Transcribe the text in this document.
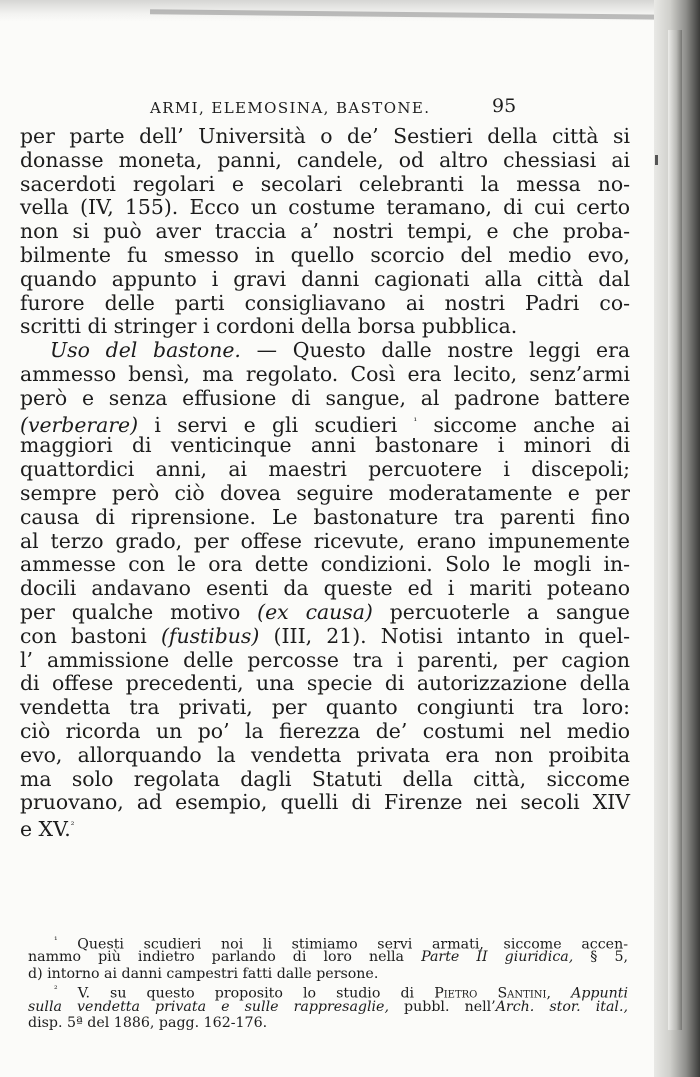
ARMI, ELEMOSINA, BASTONE.	95
per parte dell’ Università o de’ Sestieri della città si
donasse moneta, panni, candele, od altro chessiasi ai
sacerdoti regolari e secolari celebranti la messa no-
vella (IV, 155). Ecco un costume teramano, di cui certo
non si può aver traccia a’ nostri tempi, e che proba-
bilmente fu smesso in quello scorcio del medio evo,
quando appunto i gravi danni cagionati alla città dal
furore delle parti consigliavano ai nostri Padri co-
scritti di stringer i cordoni della borsa pubblica.
Uso del bastone. — Questo dalle nostre leggi era
ammesso bensì, ma regolato. Così era lecito, senz’armi
però e senza effusione di sangue, al padrone battere
(verberare) i servi e gli scudieri $^{^1}$ siccome anche ai
maggiori di venticinque anni bastonare i minori di
quattordici anni, ai maestri percuotere i discepoli;
sempre però ciò dovea seguire moderatamente e per
causa di riprensione. Le bastonature tra parenti fino
al terzo grado, per offese ricevute, erano impunemente
ammesse con le ora dette condizioni. Solo le mogli in-
docili andavano esenti da queste ed i mariti poteano
per qualche motivo (ex causa) percuoterle a sangue
con bastoni (fustibus) (III, 21). Notisi intanto in quel-
l’ ammissione delle percosse tra i parenti, per cagion
di offese precedenti, una specie di autorizzazione della
vendetta tra privati, per quanto congiunti tra loro:
ciò ricorda un po’ la fierezza de’ costumi nel medio
evo, allorquando la vendetta privata era non proibita
ma solo regolata dagli Statuti della città, siccome
pruovano, ad esempio, quelli di Firenze nei secoli XIV
e XV.$^{^2}$
$^{^1}$ Questi scudieri noi li stimiamo servi armati, siccome accen-
nammo più indietro parlando di loro nella Parte II giuridica, § 5,
d) intorno ai danni campestri fatti dalle persone.
$^{^2}$ V. su questo proposito lo studio di Pietro Santini, Appunti
sulla vendetta privata e sulle rappresaglie, pubbl. nell’Arch. stor. ital.,
disp. 5ª del 1886, pagg. 162-176.
